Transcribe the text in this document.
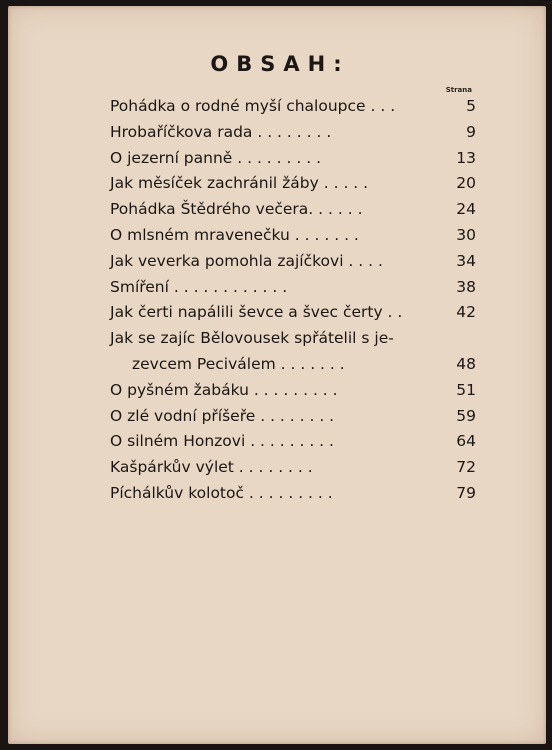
OBSAH:
Strana
Pohádka o rodné myší chaloupce . . .	5
Hrobaříčkova rada . . . . . . . .	9
O jezerní panně . . . . . . . . .	13
Jak měsíček zachránil žáby . . . . .	20
Pohádka Štědrého večera. . . . . .	24
O mlsném mravenečku . . . . . . .	30
Jak veverka pomohla zajíčkovi . . . .	34
Smíření . . . . . . . . . . . .	38
Jak čerti napálili ševce a švec čerty . .	42
Jak se zajíc Bělovousek spřátelil s je-
zevcem Peciválem . . . . . . .	48
O pyšném žabáku . . . . . . . . .	51
O zlé vodní příšeře . . . . . . . .	59
O silném Honzovi . . . . . . . . .	64
Kašpárkův výlet . . . . . . . .	72
Píchálkův kolotoč . . . . . . . . .	79
